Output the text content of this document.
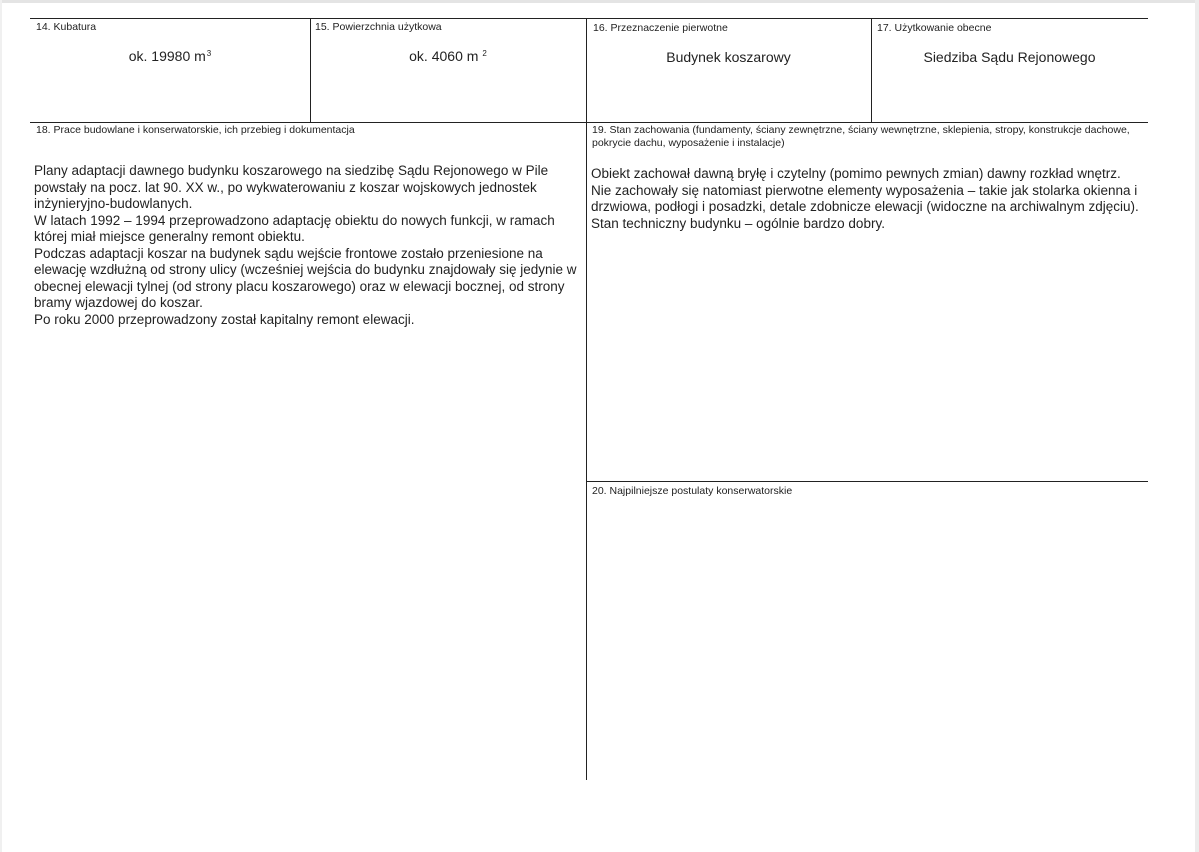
14. Kubatura
ok. 19980 $m^3$
15. Powierzchnia użytkowa
ok. 4060 m $^2$
16. Przeznaczenie pierwotne
Budynek koszarowy
17. Użytkowanie obecne
Siedziba Sądu Rejonowego
18. Prace budowlane i konserwatorskie, ich przebieg i dokumentacja

Plany adaptacji dawnego budynku koszarowego na siedzibę Sądu Rejonowego w Pile powstały na pocz. lat 90. XX w., po wykwaterowaniu z koszar wojskowych jednostek inżynieryjno-budowlanych.

W latach 1992 – 1994 przeprowadzono adaptację obiektu do nowych funkcji, w ramach której miał miejsce generalny remont obiektu.

Podczas adaptacji koszar na budynek sądu wejście frontowe zostało przeniesione na elewację wzdłużną od strony ulicy (wcześniej wejścia do budynku znajdowały się jedynie w obecnej elewacji tylnej (od strony placu koszarowego) oraz w elewacji bocznej, od strony bramy wjazdowej do koszar.

Po roku 2000 przeprowadzony został kapitalny remont elewacji.

19. Stan zachowania (fundamenty, ściany zewnętrzne, ściany wewnętrzne, sklepienia, stropy, konstrukcje dachowe, pokrycie dachu, wyposażenie i instalacje)

Obiekt zachował dawną bryłę i czytelny (pomimo pewnych zmian) dawny rozkład wnętrz. Nie zachowały się natomiast pierwotne elementy wyposażenia – takie jak stolarka okienna i drzwiowa, podłogi i posadzki, detale zdobnicze elewacji (widoczne na archiwalnym zdjęciu).

Stan techniczny budynku – ogólnie bardzo dobry.

20. Najpilniejsze postulaty konserwatorskie
